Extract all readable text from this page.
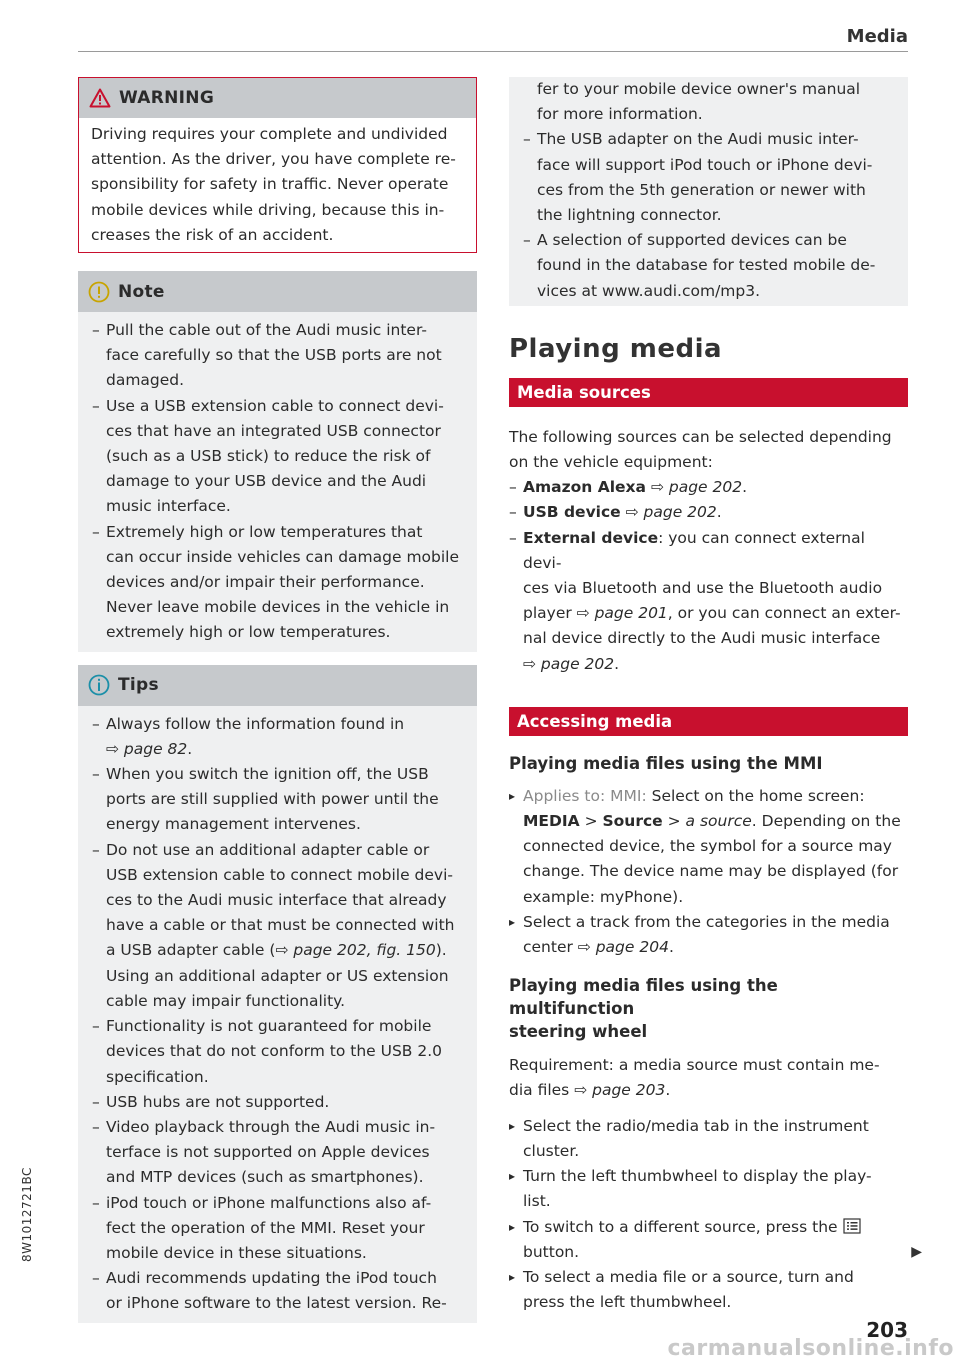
Media
8W1012721BC
WARNING
Driving requires your complete and undivided
attention. As the driver, you have complete re-
sponsibility for safety in traffic. Never operate
mobile devices while driving, because this in-
creases the risk of an accident.
Note
– Pull the cable out of the Audi music inter-
face carefully so that the USB ports are not
damaged.
– Use a USB extension cable to connect devi-
ces that have an integrated USB connector
(such as a USB stick) to reduce the risk of
damage to your USB device and the Audi
music interface.
– Extremely high or low temperatures that
can occur inside vehicles can damage mobile
devices and/or impair their performance.
Never leave mobile devices in the vehicle in
extremely high or low temperatures.
Tips
– Always follow the information found in
⇨ page 82.
– When you switch the ignition off, the USB
ports are still supplied with power until the
energy management intervenes.
– Do not use an additional adapter cable or
USB extension cable to connect mobile devi-
ces to the Audi music interface that already
have a cable or that must be connected with
a USB adapter cable (⇨ page 202, fig. 150).
Using an additional adapter or US extension
cable may impair functionality.
– Functionality is not guaranteed for mobile
devices that do not conform to the USB 2.0
specification.
– USB hubs are not supported.
– Video playback through the Audi music in-
terface is not supported on Apple devices
and MTP devices (such as smartphones).
– iPod touch or iPhone malfunctions also af-
fect the operation of the MMI. Reset your
mobile device in these situations.
– Audi recommends updating the iPod touch
or iPhone software to the latest version. Re-
fer to your mobile device owner's manual
for more information.
– The USB adapter on the Audi music inter-
face will support iPod touch or iPhone devi-
ces from the 5th generation or newer with
the lightning connector.
– A selection of supported devices can be
found in the database for tested mobile de-
vices at www.audi.com/mp3.
Playing media
Media sources
The following sources can be selected depending
on the vehicle equipment:
– Amazon Alexa ⇨ page 202.
– USB device ⇨ page 202.
– External device: you can connect external devi-
ces via Bluetooth and use the Bluetooth audio
player ⇨ page 201, or you can connect an exter-
nal device directly to the Audi music interface
⇨ page 202.
Accessing media
Playing media files using the MMI
▸ Applies to: MMI: Select on the home screen:
MEDIA > Source > a source. Depending on the
connected device, the symbol for a source may
change. The device name may be displayed (for
example: myPhone).
▸ Select a track from the categories in the media
center ⇨ page 204.
Playing media files using the multifunction
steering wheel
Requirement: a media source must contain me-
dia files ⇨ page 203.
▸ Select the radio/media tab in the instrument
cluster.
▸ Turn the left thumbwheel to display the play-
list.
▸ To switch to a different source, press the
button.
▸ To select a media file or a source, turn and
press the left thumbwheel.
▶
203
carmanualsonline.info
